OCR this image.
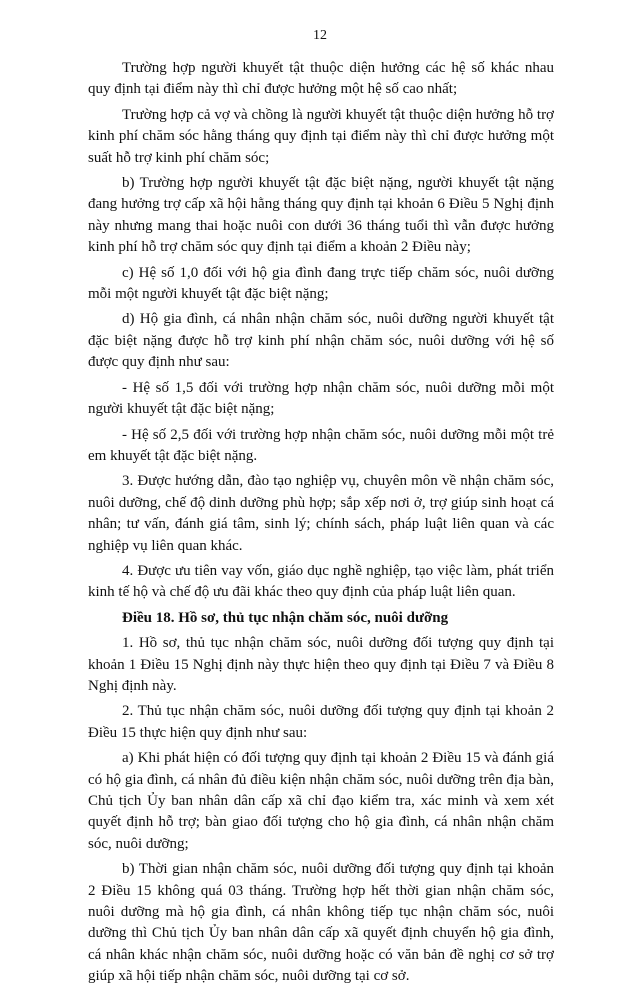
12

Trường hợp người khuyết tật thuộc diện hưởng các hệ số khác nhau quy định tại điểm này thì chỉ được hưởng một hệ số cao nhất;

Trường hợp cả vợ và chồng là người khuyết tật thuộc diện hưởng hỗ trợ kinh phí chăm sóc hằng tháng quy định tại điểm này thì chỉ được hưởng một suất hỗ trợ kinh phí chăm sóc;

b) Trường hợp người khuyết tật đặc biệt nặng, người khuyết tật nặng đang hưởng trợ cấp xã hội hằng tháng quy định tại khoản 6 Điều 5 Nghị định này nhưng mang thai hoặc nuôi con dưới 36 tháng tuổi thì vẫn được hưởng kinh phí hỗ trợ chăm sóc quy định tại điểm a khoản 2 Điều này;

c) Hệ số 1,0 đối với hộ gia đình đang trực tiếp chăm sóc, nuôi dưỡng mỗi một người khuyết tật đặc biệt nặng;

d) Hộ gia đình, cá nhân nhận chăm sóc, nuôi dưỡng người khuyết tật đặc biệt nặng được hỗ trợ kinh phí nhận chăm sóc, nuôi dưỡng với hệ số được quy định như sau:

- Hệ số 1,5 đối với trường hợp nhận chăm sóc, nuôi dưỡng mỗi một người khuyết tật đặc biệt nặng;

- Hệ số 2,5 đối với trường hợp nhận chăm sóc, nuôi dưỡng mỗi một trẻ em khuyết tật đặc biệt nặng.

3. Được hướng dẫn, đào tạo nghiệp vụ, chuyên môn về nhận chăm sóc, nuôi dưỡng, chế độ dinh dưỡng phù hợp; sắp xếp nơi ở, trợ giúp sinh hoạt cá nhân; tư vấn, đánh giá tâm, sinh lý; chính sách, pháp luật liên quan và các nghiệp vụ liên quan khác.

4. Được ưu tiên vay vốn, giáo dục nghề nghiệp, tạo việc làm, phát triển kinh tế hộ và chế độ ưu đãi khác theo quy định của pháp luật liên quan.

Điều 18. Hồ sơ, thủ tục nhận chăm sóc, nuôi dưỡng

1. Hồ sơ, thủ tục nhận chăm sóc, nuôi dưỡng đối tượng quy định tại khoản 1 Điều 15 Nghị định này thực hiện theo quy định tại Điều 7 và Điều 8 Nghị định này.

2. Thủ tục nhận chăm sóc, nuôi dưỡng đối tượng quy định tại khoản 2 Điều 15 thực hiện quy định như sau:

a) Khi phát hiện có đối tượng quy định tại khoản 2 Điều 15 và đánh giá có hộ gia đình, cá nhân đủ điều kiện nhận chăm sóc, nuôi dưỡng trên địa bàn, Chủ tịch Ủy ban nhân dân cấp xã chỉ đạo kiểm tra, xác minh và xem xét quyết định hỗ trợ; bàn giao đối tượng cho hộ gia đình, cá nhân nhận chăm sóc, nuôi dưỡng;

b) Thời gian nhận chăm sóc, nuôi dưỡng đối tượng quy định tại khoản 2 Điều 15 không quá 03 tháng. Trường hợp hết thời gian nhận chăm sóc, nuôi dưỡng mà hộ gia đình, cá nhân không tiếp tục nhận chăm sóc, nuôi dưỡng thì Chủ tịch Ủy ban nhân dân cấp xã quyết định chuyển hộ gia đình, cá nhân khác nhận chăm sóc, nuôi dưỡng hoặc có văn bản đề nghị cơ sở trợ giúp xã hội tiếp nhận chăm sóc, nuôi dưỡng tại cơ sở.
